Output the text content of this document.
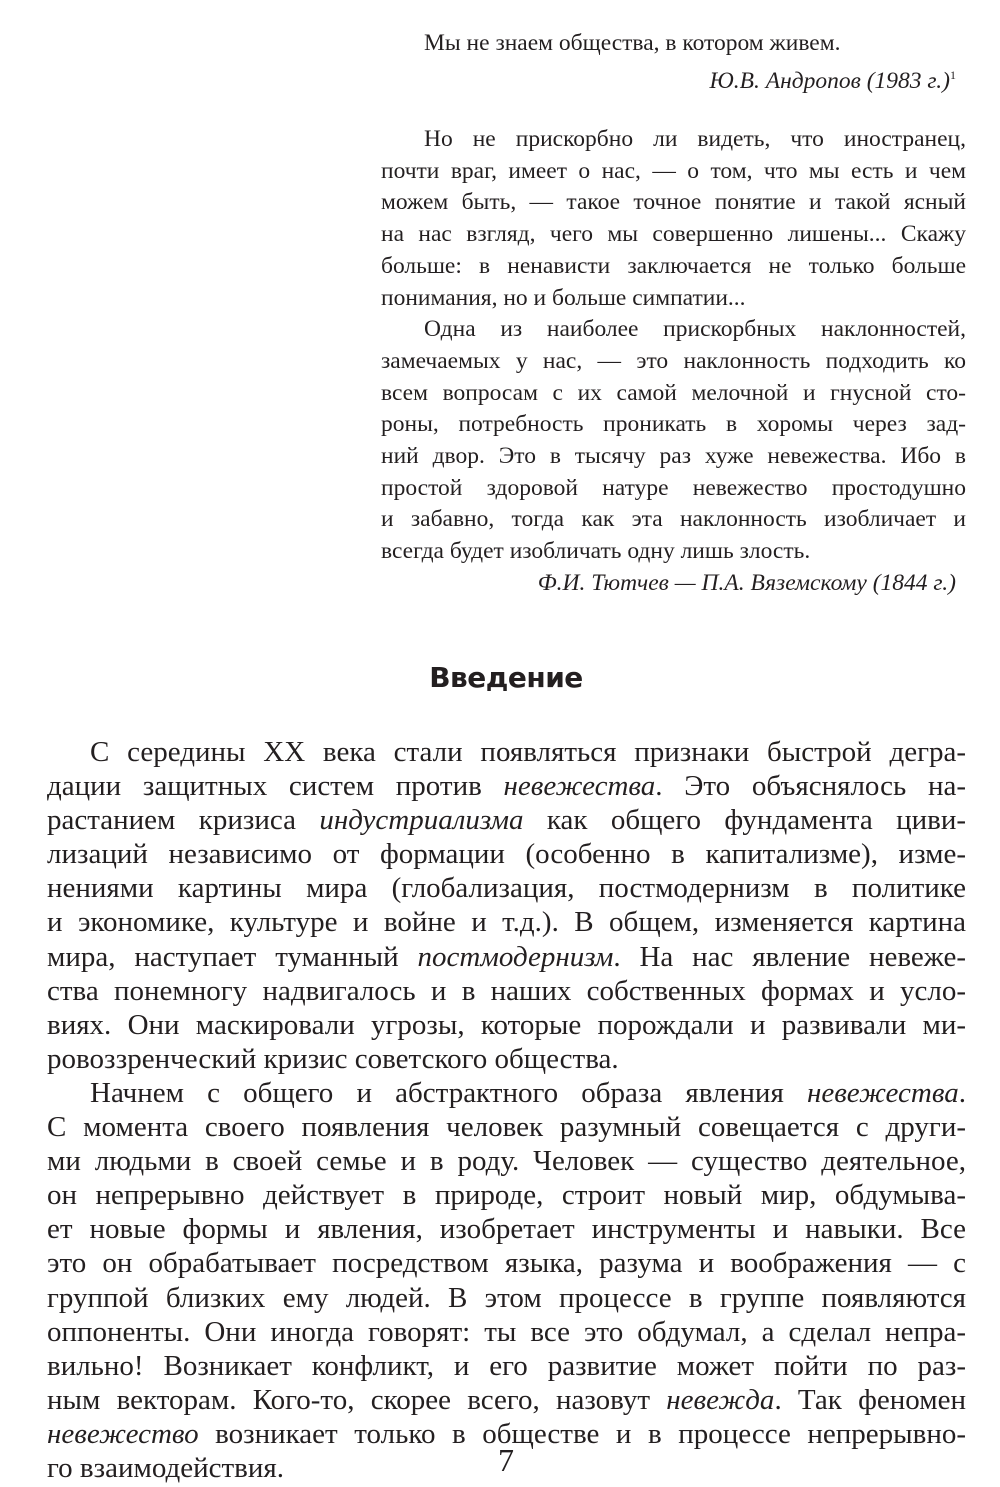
Мы не знаем общества, в котором живем.

Ю.В. Андропов (1983 г.)$^1$

Но не прискорбно ли видеть, что иностранец,
почти враг, имеет о нас, — о том, что мы есть и чем
можем быть, — такое точное понятие и такой ясный
на нас взгляд, чего мы совершенно лишены... Скажу
больше: в ненависти заключается не только больше
понимания, но и больше симпатии...

Одна из наиболее прискорбных наклонностей,
замечаемых у нас, — это наклонность подходить ко
всем вопросам с их самой мелочной и гнусной сто-
роны, потребность проникать в хоромы через зад-
ний двор. Это в тысячу раз хуже невежества. Ибо в
простой здоровой натуре невежество простодушно
и забавно, тогда как эта наклонность изобличает и
всегда будет изобличать одну лишь злость.

Ф.И. Тютчев — П.А. Вяземскому (1844 г.)

Введение

С середины XX века стали появляться признаки быстрой дегра-
дации защитных систем против невежества. Это объяснялось на-
растанием кризиса индустриализма как общего фундамента циви-
лизаций независимо от формации (особенно в капитализме), изме-
нениями картины мира (глобализация, постмодернизм в политике
и экономике, культуре и войне и т.д.). В общем, изменяется картина
мира, наступает туманный постмодернизм. На нас явление невеже-
ства понемногу надвигалось и в наших собственных формах и усло-
виях. Они маскировали угрозы, которые порождали и развивали ми-
ровоззренческий кризис советского общества.

Начнем с общего и абстрактного образа явления невежества.
С момента своего появления человек разумный совещается с други-
ми людьми в своей семье и в роду. Человек — существо деятельное,
он непрерывно действует в природе, строит новый мир, обдумыва-
ет новые формы и явления, изобретает инструменты и навыки. Все
это он обрабатывает посредством языка, разума и воображения — с
группой близких ему людей. В этом процессе в группе появляются
оппоненты. Они иногда говорят: ты все это обдумал, а сделал непра-
вильно! Возникает конфликт, и его развитие может пойти по раз-
ным векторам. Кого-то, скорее всего, назовут невежда. Так феномен
невежество возникает только в обществе и в процессе непрерывно-
го взаимодействия.	7
